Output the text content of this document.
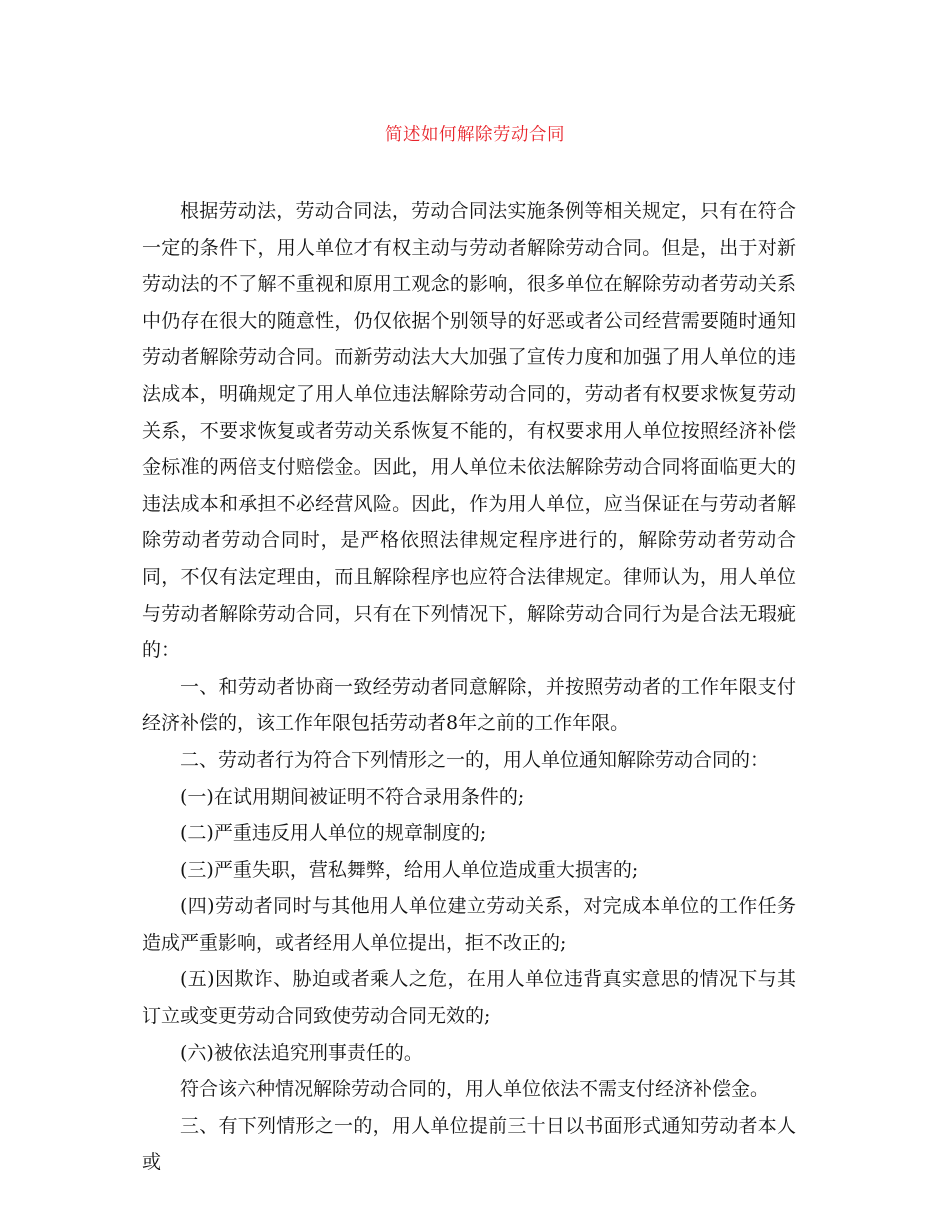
简述如何解除劳动合同

根据劳动法，劳动合同法，劳动合同法实施条例等相关规定，只有在符合一定的条件下，用人单位才有权主动与劳动者解除劳动合同。但是，出于对新劳动法的不了解不重视和原用工观念的影响，很多单位在解除劳动者劳动关系中仍存在很大的随意性，仍仅依据个别领导的好恶或者公司经营需要随时通知劳动者解除劳动合同。而新劳动法大大加强了宣传力度和加强了用人单位的违法成本，明确规定了用人单位违法解除劳动合同的，劳动者有权要求恢复劳动关系，不要求恢复或者劳动关系恢复不能的，有权要求用人单位按照经济补偿金标准的两倍支付赔偿金。因此，用人单位未依法解除劳动合同将面临更大的违法成本和承担不必经营风险。因此，作为用人单位，应当保证在与劳动者解除劳动者劳动合同时，是严格依照法律规定程序进行的，解除劳动者劳动合同，不仅有法定理由，而且解除程序也应符合法律规定。律师认为，用人单位与劳动者解除劳动合同，只有在下列情况下，解除劳动合同行为是合法无瑕疵的：

一、和劳动者协商一致经劳动者同意解除，并按照劳动者的工作年限支付经济补偿的，该工作年限包括劳动者8年之前的工作年限。

二、劳动者行为符合下列情形之一的，用人单位通知解除劳动合同的：

(一)在试用期间被证明不符合录用条件的;

(二)严重违反用人单位的规章制度的;

(三)严重失职，营私舞弊，给用人单位造成重大损害的;

(四)劳动者同时与其他用人单位建立劳动关系，对完成本单位的工作任务造成严重影响，或者经用人单位提出，拒不改正的;

(五)因欺诈、胁迫或者乘人之危，在用人单位违背真实意思的情况下与其订立或变更劳动合同致使劳动合同无效的;

(六)被依法追究刑事责任的。

符合该六种情况解除劳动合同的，用人单位依法不需支付经济补偿金。

三、有下列情形之一的，用人单位提前三十日以书面形式通知劳动者本人或
